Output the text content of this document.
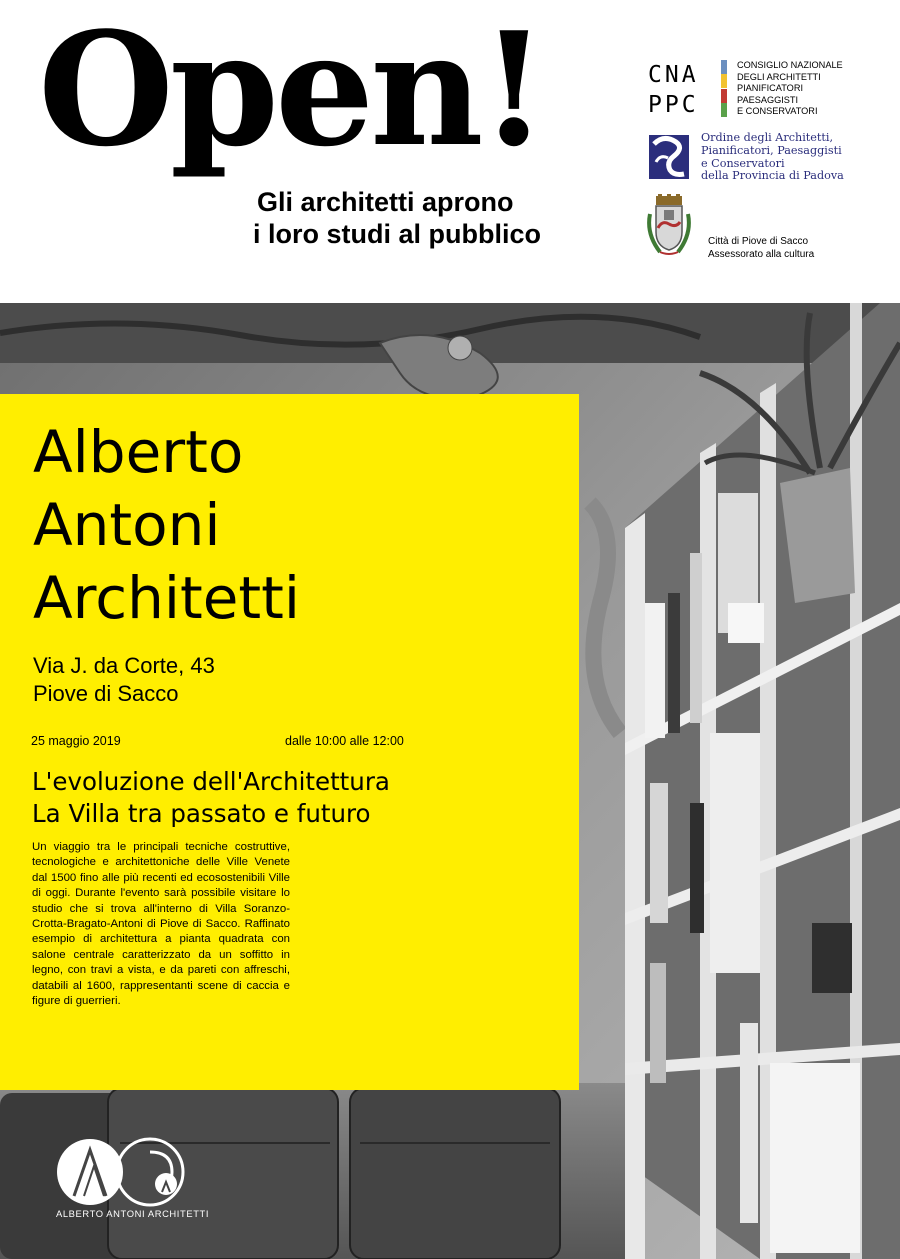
Open!
Gli architetti aprono
i loro studi al pubblico
CNA
PPC
CONSIGLIO NAZIONALE
DEGLI ARCHITETTI
PIANIFICATORI
PAESAGGISTI
E CONSERVATORI
Ordine degli Architetti,
Pianificatori, Paesaggisti
e Conservatori
della Provincia di Padova
Città di Piove di Sacco
Assessorato alla cultura
Alberto
Antoni
Architetti
Via J. da Corte, 43
Piove di Sacco
25 maggio 2019	dalle 10:00 alle 12:00
L'evoluzione dell'Architettura
La Villa tra passato e futuro
Un viaggio tra le principali tecniche costruttive, tecnologiche e architettoniche delle Ville Venete dal 1500 fino alle più recenti ed ecosostenibili Ville di oggi. Durante l'evento sarà possibile visitare lo studio che si trova all'interno di Villa Soranzo-Crotta-Bragato-Antoni di Piove di Sacco. Raffinato esempio di architettura a pianta quadrata con salone centrale caratterizzato da un soffitto in legno, con travi a vista, e da pareti con affreschi, databili al 1600, rappresentanti scene di caccia e figure di guerrieri.
ALBERTO ANTONI ARCHITETTI
